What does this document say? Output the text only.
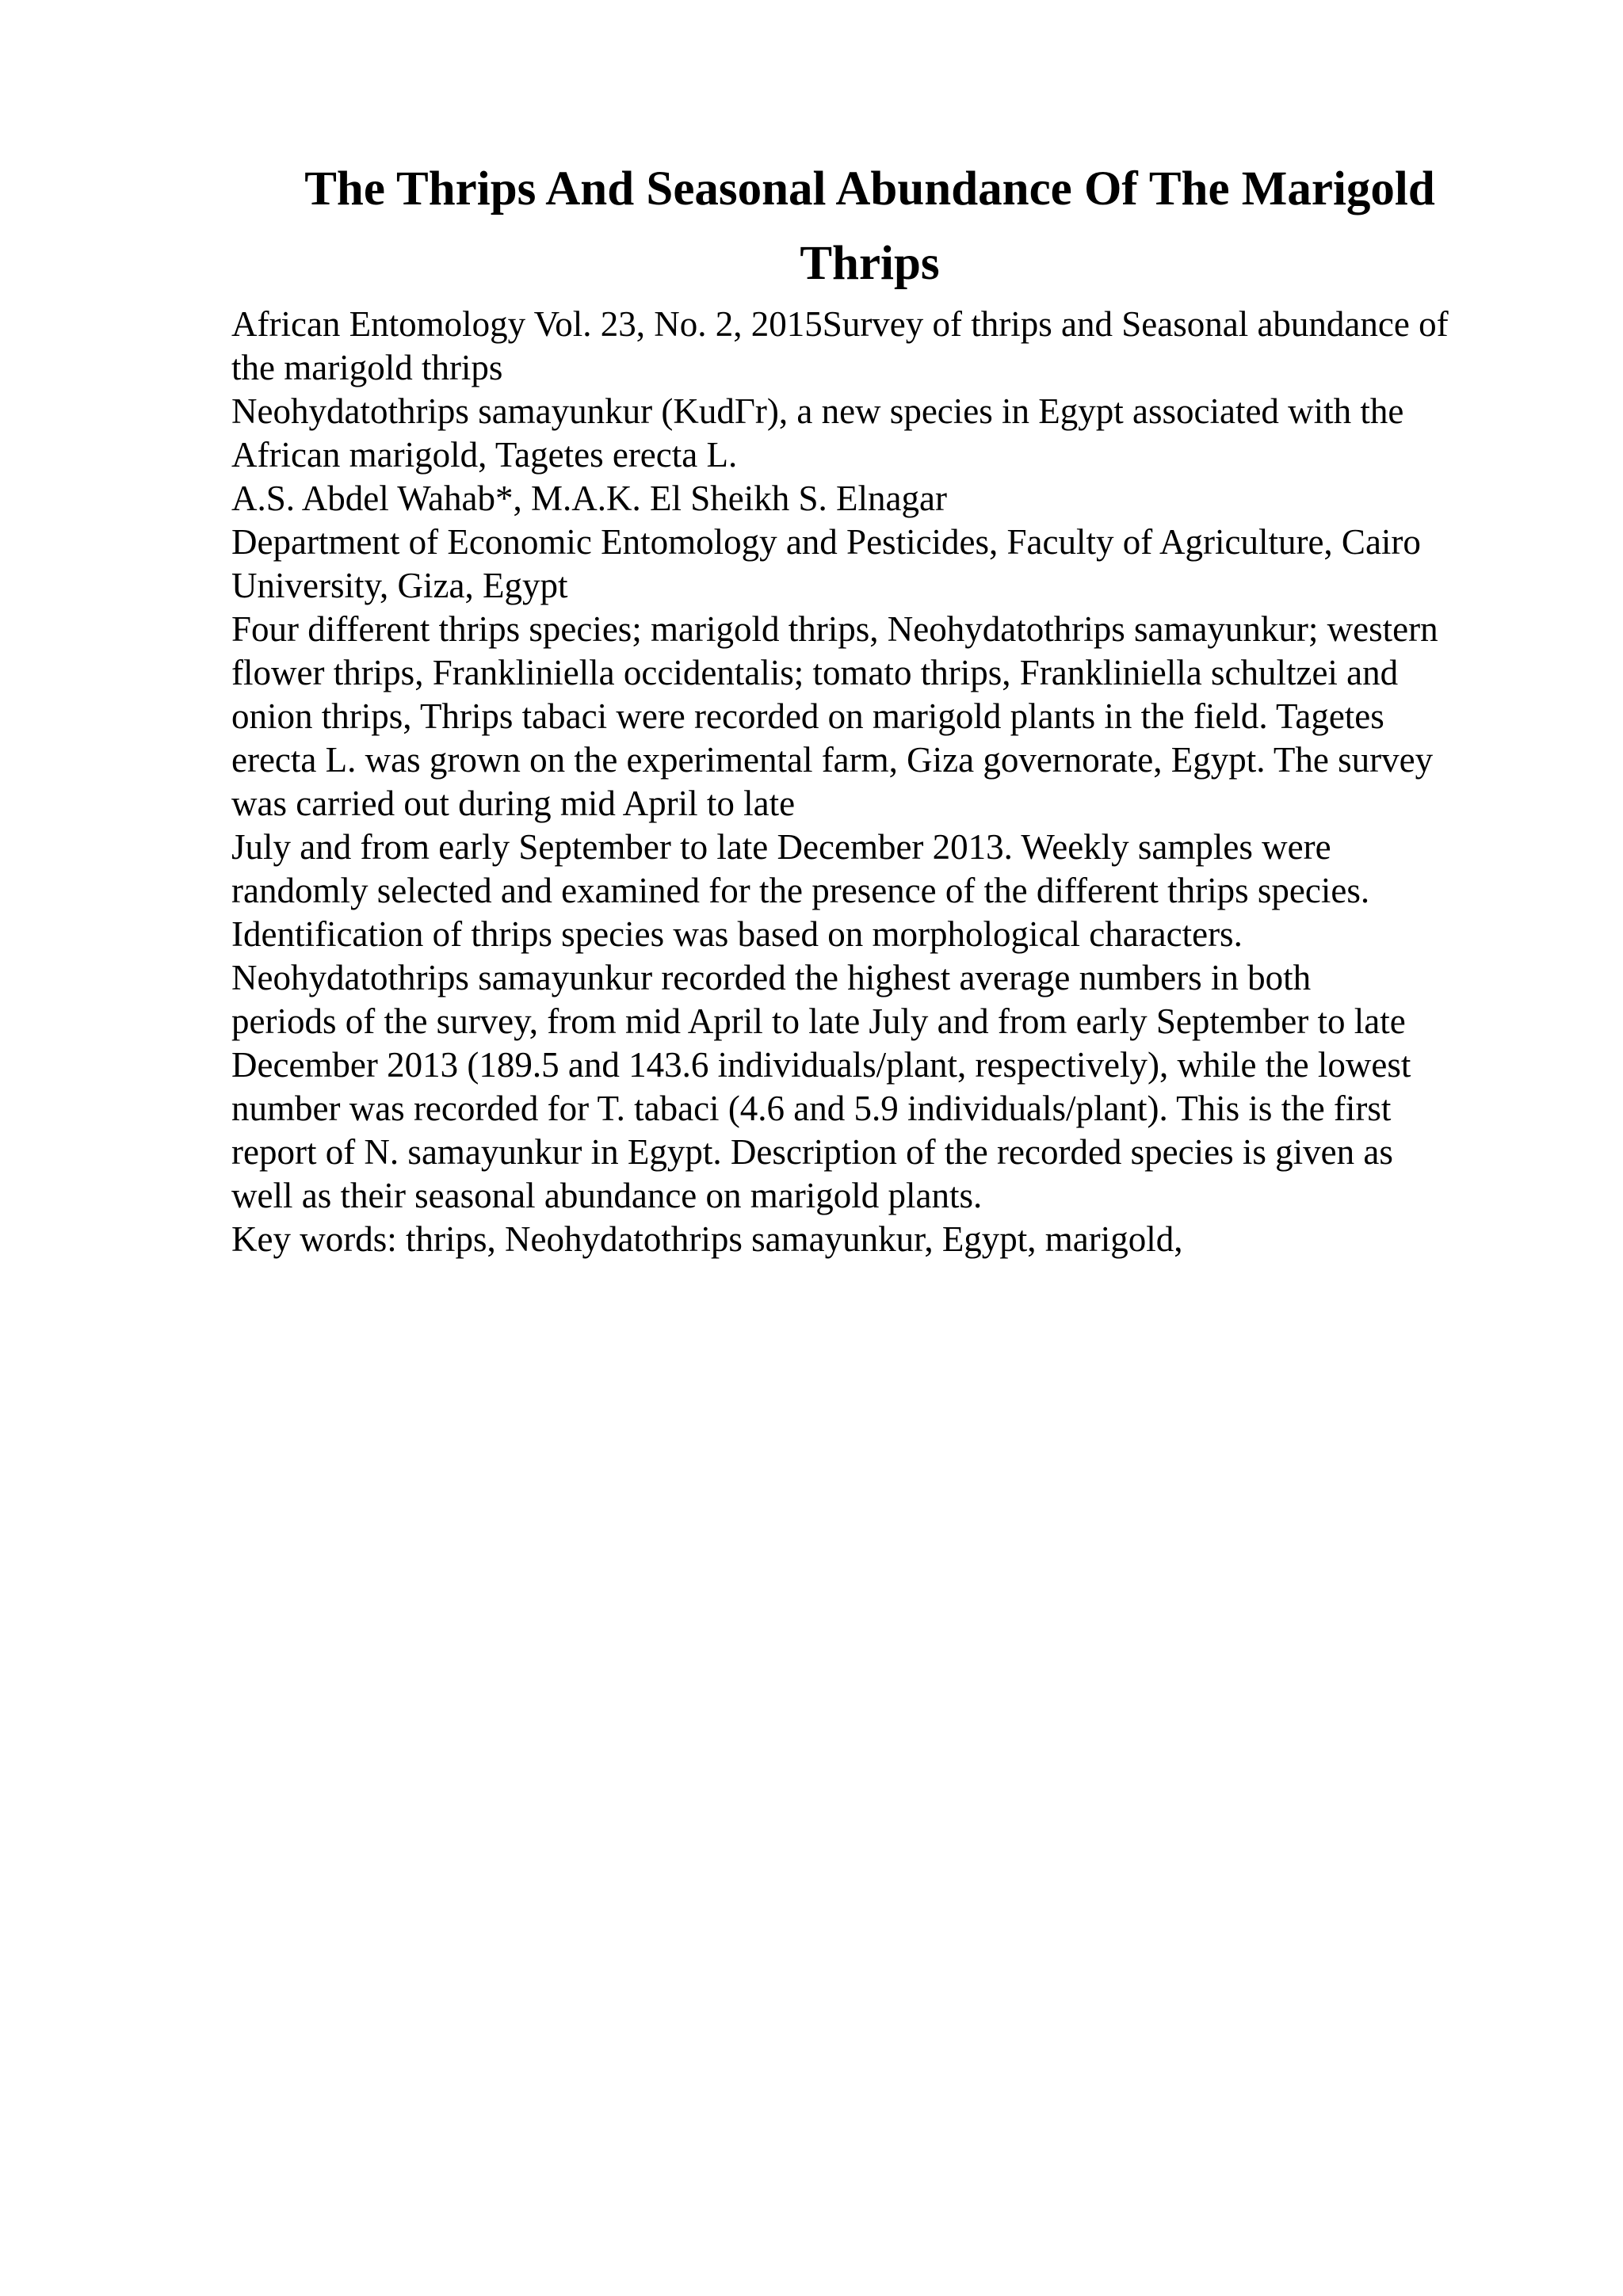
The Thrips And Seasonal Abundance Of The Marigold Thrips

African Entomology Vol. 23, No. 2, 2015Survey of thrips and Seasonal abundance of

the marigold thrips

Neohydatothrips samayunkur (KudΓr), a new species in Egypt associated with the

African marigold, Tagetes erecta L.

A.S. Abdel Wahab*, M.A.K. El Sheikh S. Elnagar

Department of Economic Entomology and Pesticides, Faculty of Agriculture, Cairo

University, Giza, Egypt

Four different thrips species; marigold thrips, Neohydatothrips samayunkur; western

flower thrips, Frankliniella occidentalis; tomato thrips, Frankliniella schultzei and

onion thrips, Thrips tabaci were recorded on marigold plants in the field. Tagetes

erecta L. was grown on the experimental farm, Giza governorate, Egypt. The survey

was carried out during mid April to late

July and from early September to late December 2013. Weekly samples were

randomly selected and examined for the presence of the different thrips species.

Identification of thrips species was based on morphological characters.

Neohydatothrips samayunkur recorded the highest average numbers in both

periods of the survey, from mid April to late July and from early September to late

December 2013 (189.5 and 143.6 individuals/plant, respectively), while the lowest

number was recorded for T. tabaci (4.6 and 5.9 individuals/plant). This is the first

report of N. samayunkur in Egypt. Description of the recorded species is given as

well as their seasonal abundance on marigold plants.

Key words: thrips, Neohydatothrips samayunkur, Egypt, marigold,
